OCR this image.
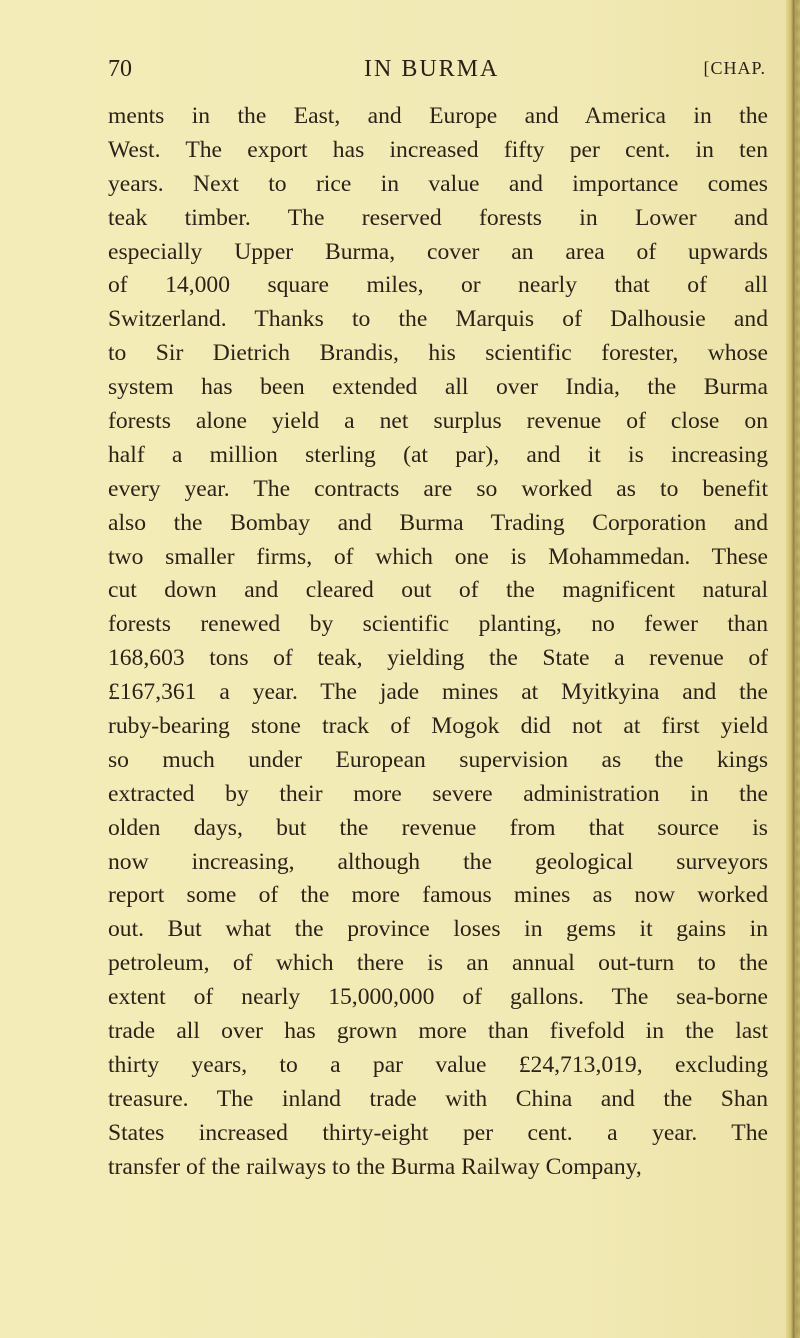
70	IN BURMA	[CHAP.
ments in the East, and Europe and America in the
West. The export has increased fifty per cent. in ten
years. Next to rice in value and importance comes
teak timber. The reserved forests in Lower and
especially Upper Burma, cover an area of upwards
of 14,000 square miles, or nearly that of all
Switzerland. Thanks to the Marquis of Dalhousie and
to Sir Dietrich Brandis, his scientific forester, whose
system has been extended all over India, the Burma
forests alone yield a net surplus revenue of close on
half a million sterling (at par), and it is increasing
every year. The contracts are so worked as to benefit
also the Bombay and Burma Trading Corporation and
two smaller firms, of which one is Mohammedan. These
cut down and cleared out of the magnificent natural
forests renewed by scientific planting, no fewer than
168,603 tons of teak, yielding the State a revenue of
£167,361 a year. The jade mines at Myitkyina and the
ruby-bearing stone track of Mogok did not at first yield
so much under European supervision as the kings
extracted by their more severe administration in the
olden days, but the revenue from that source is
now increasing, although the geological surveyors
report some of the more famous mines as now worked
out. But what the province loses in gems it gains in
petroleum, of which there is an annual out-turn to the
extent of nearly 15,000,000 of gallons. The sea-borne
trade all over has grown more than fivefold in the last
thirty years, to a par value £24,713,019, excluding
treasure. The inland trade with China and the Shan
States increased thirty-eight per cent. a year. The
transfer of the railways to the Burma Railway Company,
